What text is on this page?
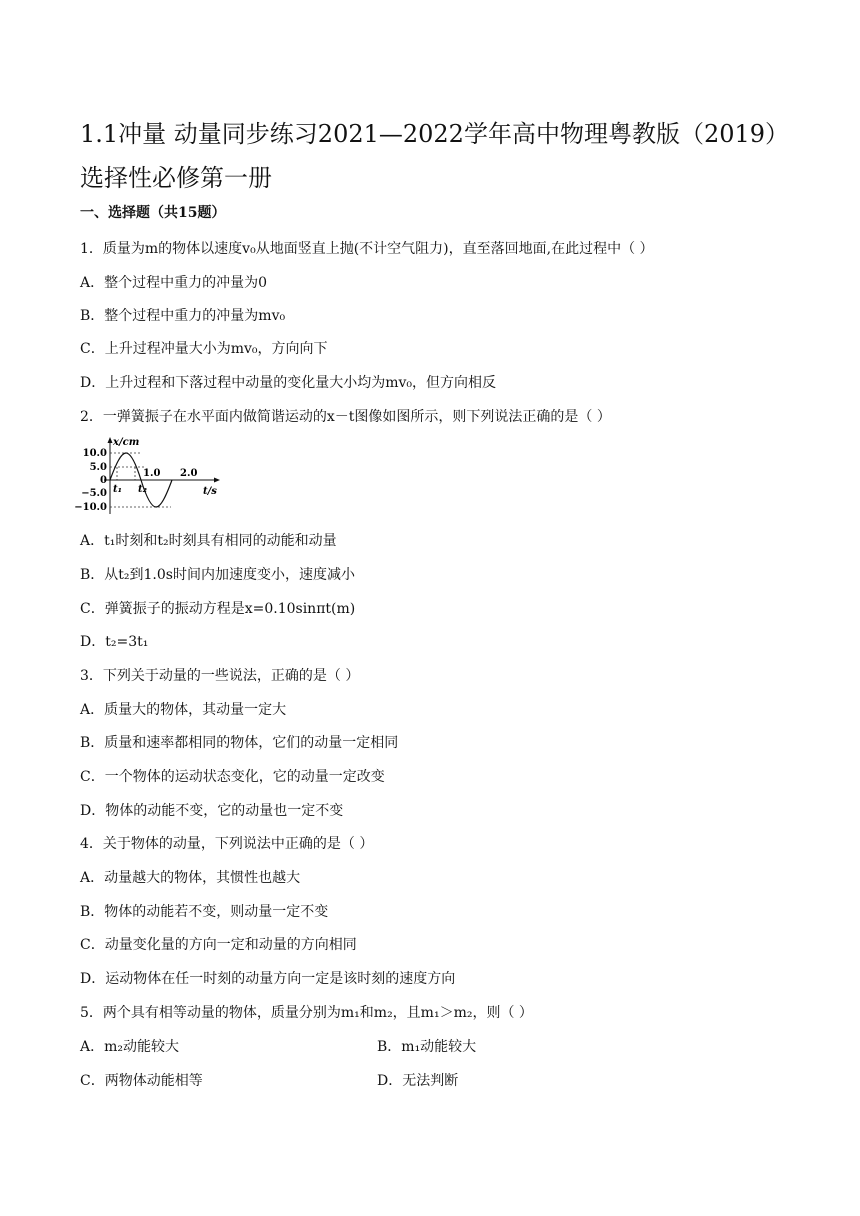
1.1冲量 动量同步练习2021—2022学年高中物理粤教版（2019）选择性必修第一册
一、选择题（共15题）
1．质量为m的物体以速度v₀从地面竖直上抛(不计空气阻力)，直至落回地面,在此过程中（ ）
A．整个过程中重力的冲量为0
B．整个过程中重力的冲量为mv₀
C．上升过程冲量大小为mv₀，方向向下
D．上升过程和下落过程中动量的变化量大小均为mv₀，但方向相反
2．一弹簧振子在水平面内做简谐运动的x－t图像如图所示，则下列说法正确的是（ ）
x/cm
t/s
10.0
5.0
0
−5.0
−10.0
1.0 2.0
t₁ t₂
A．t₁时刻和t₂时刻具有相同的动能和动量
B．从t₂到1.0s时间内加速度变小，速度减小
C．弹簧振子的振动方程是x=0.10sinπt(m)
D．t₂=3t₁
3．下列关于动量的一些说法，正确的是（ ）
A．质量大的物体，其动量一定大
B．质量和速率都相同的物体，它们的动量一定相同
C．一个物体的运动状态变化，它的动量一定改变
D．物体的动能不变，它的动量也一定不变
4．关于物体的动量，下列说法中正确的是（ ）
A．动量越大的物体，其惯性也越大
B．物体的动能若不变，则动量一定不变
C．动量变化量的方向一定和动量的方向相同
D．运动物体在任一时刻的动量方向一定是该时刻的速度方向
5．两个具有相等动量的物体，质量分别为m₁和m₂，且m₁＞m₂，则（ ）
A．m₂动能较大	B．m₁动能较大
C．两物体动能相等	D．无法判断
